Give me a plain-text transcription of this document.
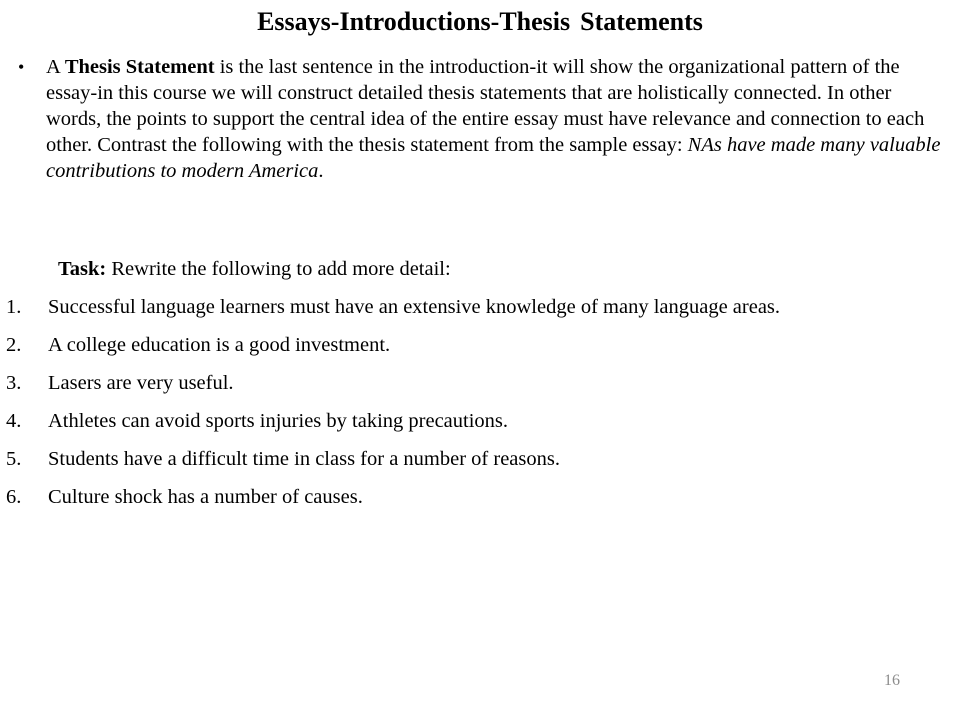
Essays-Introductions-Thesis Statements
•	A Thesis Statement is the last sentence in the introduction-it will show the organizational pattern of the essay-in this course we will construct detailed thesis statements that are holistically connected. In other words, the points to support the central idea of the entire essay must have relevance and connection to each other. Contrast the following with the thesis statement from the sample essay: NAs have made many valuable contributions to modern America.
Task: Rewrite the following to add more detail:
1.	Successful language learners must have an extensive knowledge of many language areas.
2.	A college education is a good investment.
3.	Lasers are very useful.
4.	Athletes can avoid sports injuries by taking precautions.
5.	Students have a difficult time in class for a number of reasons.
6.	Culture shock has a number of causes.
16
